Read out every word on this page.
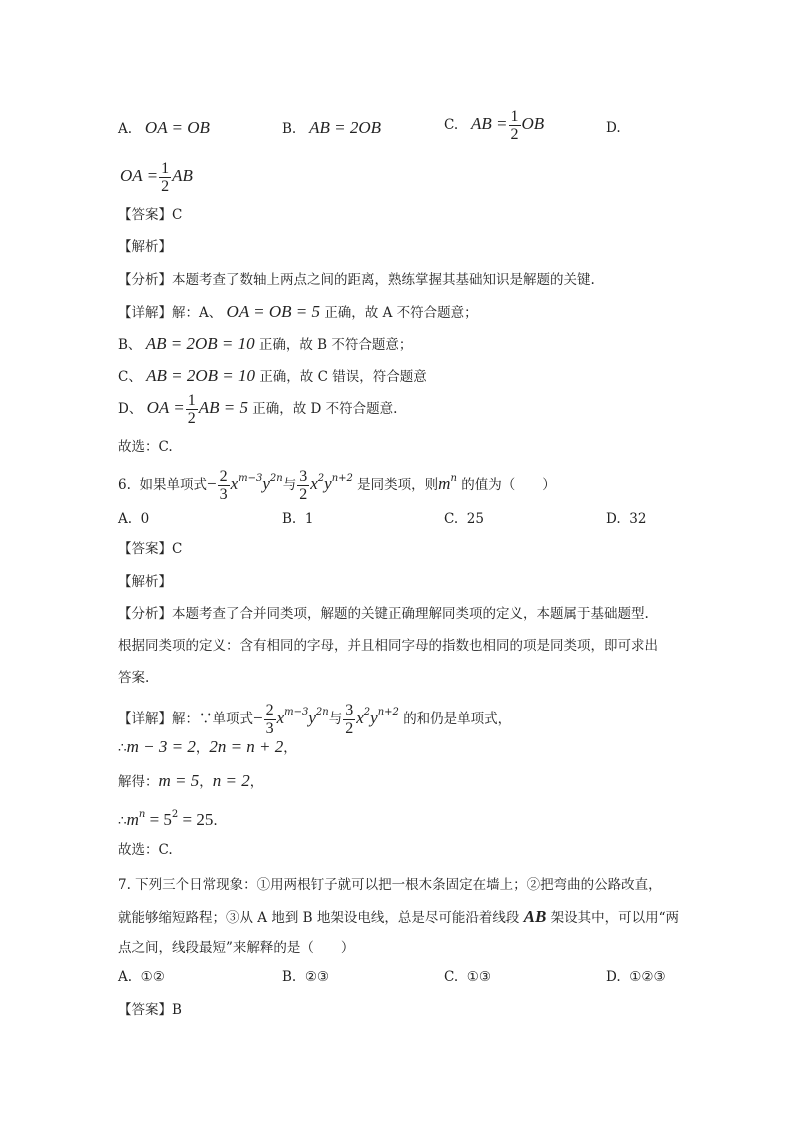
A. OA = OB	B. AB = 2OB	C. AB = $\frac{1}{2}$ OB	D.
OA = $\frac{1}{2}$ AB
【答案】C
【解析】
【分析】本题考查了数轴上两点之间的距离，熟练掌握其基础知识是解题的关键.
【详解】解：A、 OA = OB = 5 正确，故 A 不符合题意；
B、 AB = 2OB = 10 正确，故 B 不符合题意；
C、 AB = 2OB = 10 正确，故 C 错误，符合题意
D、 OA = $\frac{1}{2}$ AB = 5 正确，故 D 不符合题意.
故选：C.
6. 如果单项式− $\frac{2}{3} x^{m-3}y^{2n}$与 $\frac{3}{2} x^2y^{n+2}$ 是同类项，则$m^n$ 的值为（　　）
A. 0	B. 1	C. 25	D. 32
【答案】C
【解析】
【分析】本题考查了合并同类项，解题的关键正确理解同类项的定义，本题属于基础题型.
根据同类项的定义：含有相同的字母，并且相同字母的指数也相同的项是同类项，即可求出
答案.
【详解】解：∵单项式− $\frac{2}{3} x^{m-3}y^{2n}$与 $\frac{3}{2} x^2y^{n+2}$ 的和仍是单项式，
∴m − 3 = 2，2n = n + 2，
解得：m = 5，n = 2，
$\therefore m^n = 5^2 = 25$.
故选：C.
7. 下列三个日常现象：①用两根钉子就可以把一根木条固定在墙上；②把弯曲的公路改直，
就能够缩短路程；③从 A 地到 B 地架设电线，总是尽可能沿着线段 AB 架设其中，可以用“两
点之间，线段最短”来解释的是（　　）
A. ①②	B. ②③	C. ①③	D. ①②③
【答案】B
